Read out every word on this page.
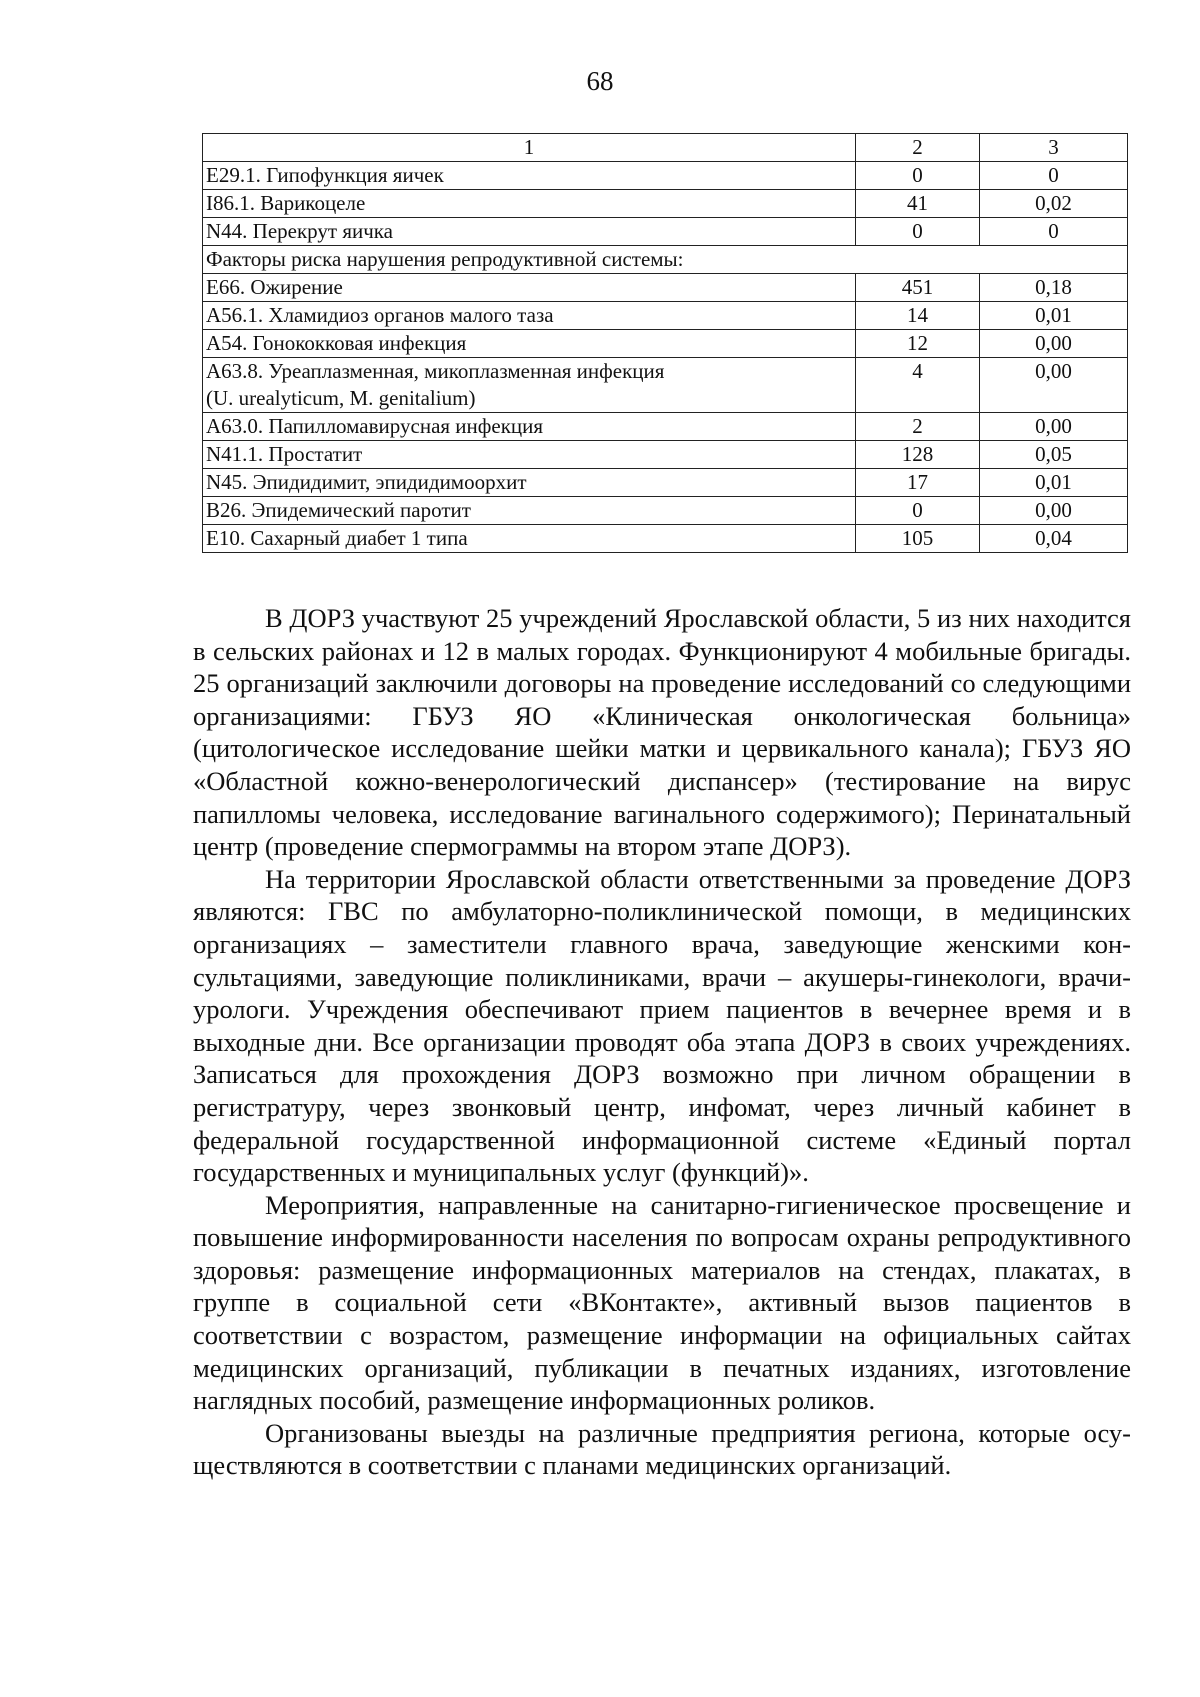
68
1	2	3
E29.1. Гипофункция яичек	0	0
I86.1. Варикоцеле	41	0,02
N44. Перекрут яичка	0	0
Факторы риска нарушения репродуктивной системы:		
E66. Ожирение	451	0,18
A56.1. Хламидиоз органов малого таза	14	0,01
A54. Гонококковая инфекция	12	0,00

A63.8. Уреаплазменная, микоплазменная инфекция
(U. urealyticum, M. genitalium)	4	0,00
A63.0. Папилломавирусная инфекция	2	0,00
N41.1. Простатит	128	0,05
N45. Эпидидимит, эпидидимоорхит	17	0,01
B26. Эпидемический паротит	0	0,00
E10. Сахарный диабет 1 типа	105	0,04

В ДОРЗ участвуют 25 учреждений Ярославской области, 5 из них находится в сельских районах и 12 в малых городах. Функционируют 4 мобильные бригады. 25 организаций заключили договоры на проведение исследований со следующими организациями: ГБУЗ ЯО «Клиническая онкологическая больница» (цитологическое исследование шейки матки и цервикального канала); ГБУЗ ЯО «Областной кожно-венерологический диспансер» (тестирование на вирус папилломы человека, исследование вагинального содержимого); Перинатальный центр (проведение спермограммы на втором этапе ДОРЗ).

На территории Ярославской области ответственными за проведение ДОРЗ являются: ГВС по амбулаторно-поликлинической помощи, в медицинских организациях – заместители главного врача, заведующие женскими консультациями, заведующие поликлиниками, врачи – акушеры-гинекологи, врачи-урологи. Учреждения обеспечивают прием пациентов в вечернее время и в выходные дни. Все организации проводят оба этапа ДОРЗ в своих учреждениях. Записаться для прохождения ДОРЗ возможно при личном обращении в регистратуру, через звонковый центр, инфомат, через личный кабинет в федеральной государственной информационной системе «Единый портал государственных и муниципальных услуг (функций)».

Мероприятия, направленные на санитарно-гигиеническое просвещение и повышение информированности населения по вопросам охраны репродуктивного здоровья: размещение информационных материалов на стендах, плакатах, в группе в социальной сети «ВКонтакте», активный вызов пациентов в соответствии с возрастом, размещение информации на официальных сайтах медицинских организаций, публикации в печатных изданиях, изготовление наглядных пособий, размещение информационных роликов.

Организованы выезды на различные предприятия региона, которые осуществляются в соответствии с планами медицинских организаций.
